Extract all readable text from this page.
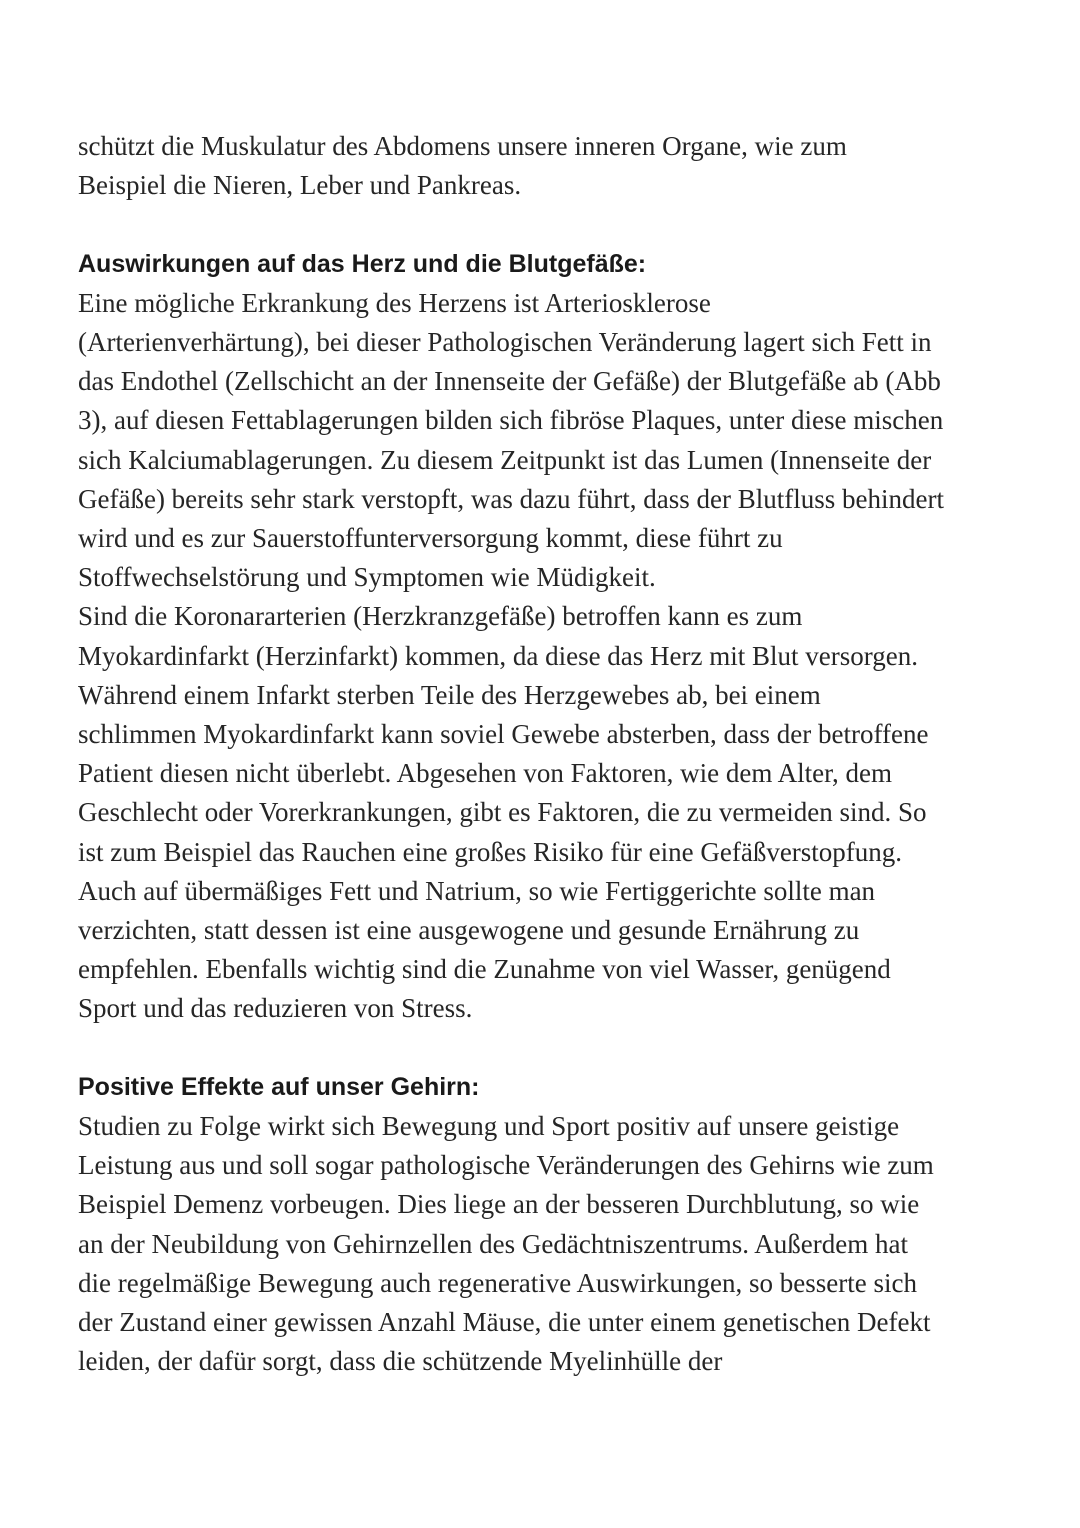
schützt die Muskulatur des Abdomens unsere inneren Organe, wie zum
Beispiel die Nieren, Leber und Pankreas.

Auswirkungen auf das Herz und die Blutgefäße:

Eine mögliche Erkrankung des Herzens ist Arteriosklerose
(Arterienverhärtung), bei dieser Pathologischen Veränderung lagert sich Fett in
das Endothel (Zellschicht an der Innenseite der Gefäße) der Blutgefäße ab (Abb
3), auf diesen Fettablagerungen bilden sich fibröse Plaques, unter diese mischen
sich Kalciumablagerungen. Zu diesem Zeitpunkt ist das Lumen (Innenseite der
Gefäße) bereits sehr stark verstopft, was dazu führt, dass der Blutfluss behindert
wird und es zur Sauerstoffunterversorgung kommt, diese führt zu
Stoffwechselstörung und Symptomen wie Müdigkeit.

Sind die Koronararterien (Herzkranzgefäße) betroffen kann es zum
Myokardinfarkt (Herzinfarkt) kommen, da diese das Herz mit Blut versorgen.
Während einem Infarkt sterben Teile des Herzgewebes ab, bei einem
schlimmen Myokardinfarkt kann soviel Gewebe absterben, dass der betroffene
Patient diesen nicht überlebt. Abgesehen von Faktoren, wie dem Alter, dem
Geschlecht oder Vorerkrankungen, gibt es Faktoren, die zu vermeiden sind. So
ist zum Beispiel das Rauchen eine großes Risiko für eine Gefäßverstopfung.
Auch auf übermäßiges Fett und Natrium, so wie Fertiggerichte sollte man
verzichten, statt dessen ist eine ausgewogene und gesunde Ernährung zu
empfehlen. Ebenfalls wichtig sind die Zunahme von viel Wasser, genügend
Sport und das reduzieren von Stress.

Positive Effekte auf unser Gehirn:

Studien zu Folge wirkt sich Bewegung und Sport positiv auf unsere geistige
Leistung aus und soll sogar pathologische Veränderungen des Gehirns wie zum
Beispiel Demenz vorbeugen. Dies liege an der besseren Durchblutung, so wie
an der Neubildung von Gehirnzellen des Gedächtniszentrums. Außerdem hat
die regelmäßige Bewegung auch regenerative Auswirkungen, so besserte sich
der Zustand einer gewissen Anzahl Mäuse, die unter einem genetischen Defekt
leiden, der dafür sorgt, dass die schützende Myelinhülle der
